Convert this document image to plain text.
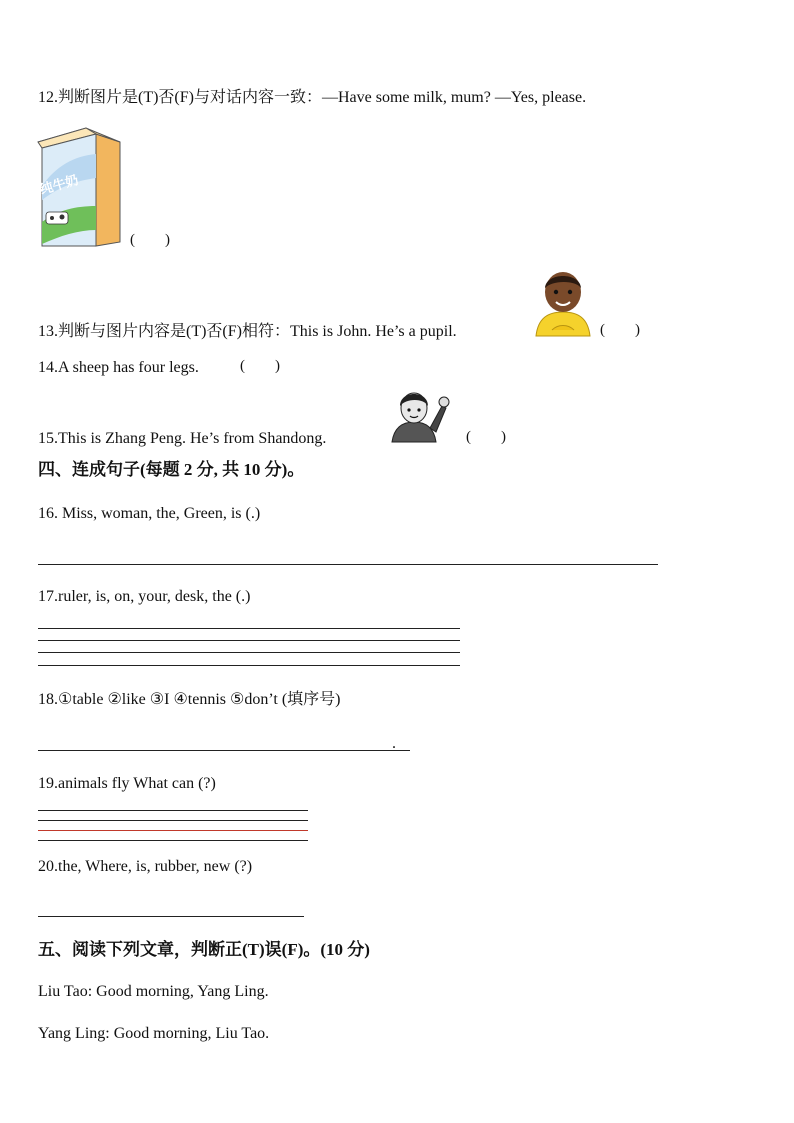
12.判断图片是(T)否(F)与对话内容一致：—Have some milk, mum? —Yes, please.
纯牛奶
(        )
13.判断与图片内容是(T)否(F)相符：This is John. He’s a pupil.	(        )
14.A sheep has four legs.	(        )
15.This is Zhang Peng. He’s from Shandong.	(        )
四、连成句子(每题 2 分, 共 10 分)。
16. Miss, woman, the, Green, is (.)
17.ruler, is, on, your, desk, the (.)
18.①table ②like ③I ④tennis ⑤don’t (填序号)
.
19.animals fly What can (?)
20.the, Where, is, rubber, new (?)
五、阅读下列文章，判断正(T)误(F)。(10 分)
Liu Tao: Good morning, Yang Ling.
Yang Ling: Good morning, Liu Tao.
